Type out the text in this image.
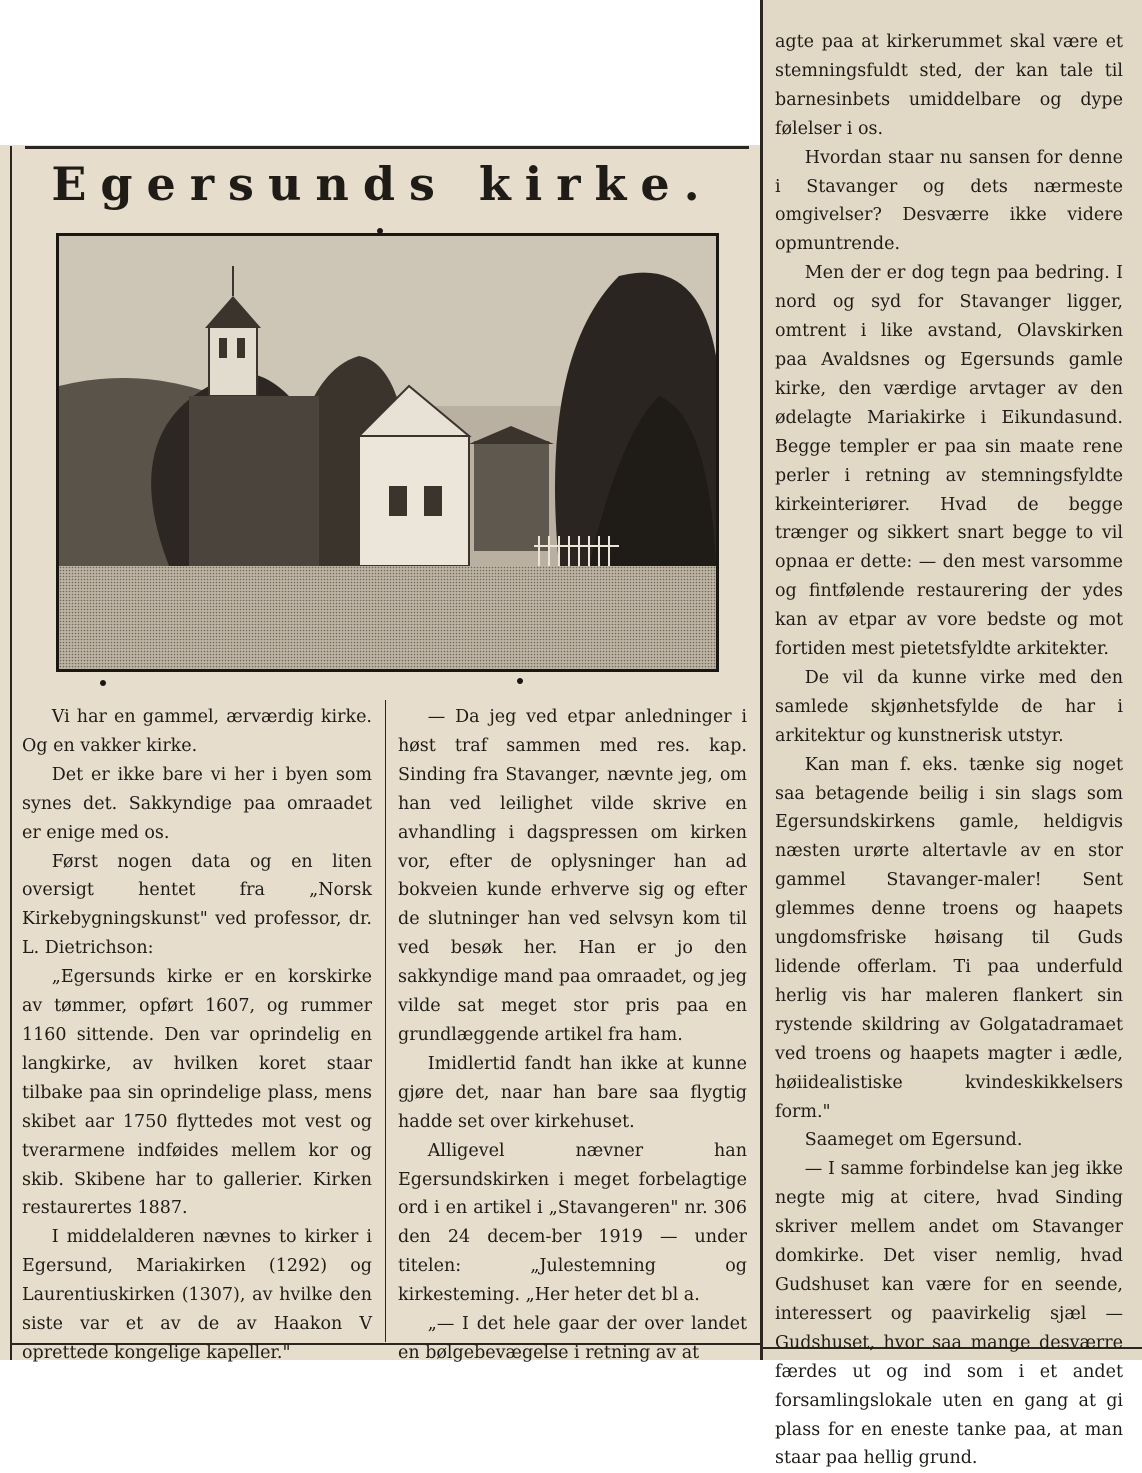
Egersunds kirke.

Vi har en gammel, ærværdig kirke. Og en vakker kirke.

Det er ikke bare vi her i byen som synes det. Sakkyndige paa omraadet er enige med os.

Først nogen data og en liten oversigt hentet fra „Norsk Kirkebygningskunst" ved professor, dr. L. Dietrichson:

„Egersunds kirke er en korskirke av tømmer, opført 1607, og rummer 1160 sittende. Den var oprindelig en langkirke, av hvilken koret staar tilbake paa sin oprindelige plass, mens skibet aar 1750 flyttedes mot vest og tverarmene indføides mellem kor og skib. Skibene har to gallerier. Kirken restaurertes 1887.

I middelalderen nævnes to kirker i Egersund, Mariakirken (1292) og Laurentiuskirken (1307), av hvilke den siste var et av de av Haakon V oprettede kongelige kapeller."

— Da jeg ved etpar anledninger i høst traf sammen med res. kap. Sinding fra Stavanger, nævnte jeg, om han ved leilighet vilde skrive en avhandling i dagspressen om kirken vor, efter de oplysninger han ad bokveien kunde erhverve sig og efter de slutninger han ved selvsyn kom til ved besøk her. Han er jo den sakkyndige mand paa omraadet, og jeg vilde sat meget stor pris paa en grundlæggende artikel fra ham.

Imidlertid fandt han ikke at kunne gjøre det, naar han bare saa flygtig hadde set over kirkehuset.

Alligevel nævner han Egersundskirken i meget forbelagtige ord i en artikel i „Stavangeren" nr. 306 den 24 decem-ber 1919 — under titelen: „Julestemning og kirkesteming. „Her heter det bl a.

„— I det hele gaar der over landet en bølgebevægelse i retning av at

agte paa at kirkerummet skal være et stemningsfuldt sted, der kan tale til barnesinbets umiddelbare og dype følelser i os.

Hvordan staar nu sansen for denne i Stavanger og dets nærmeste omgivelser? Desværre ikke videre opmuntrende.

Men der er dog tegn paa bedring. I nord og syd for Stavanger ligger, omtrent i like avstand, Olavskirken paa Avaldsnes og Egersunds gamle kirke, den værdige arvtager av den ødelagte Mariakirke i Eikundasund. Begge templer er paa sin maate rene perler i retning av stemningsfyldte kirkeinteriører. Hvad de begge trænger og sikkert snart begge to vil opnaa er dette: — den mest varsomme og fintfølende restaurering der ydes kan av etpar av vore bedste og mot fortiden mest pietetsfyldte arkitekter.

De vil da kunne virke med den samlede skjønhetsfylde de har i arkitektur og kunstnerisk utstyr.

Kan man f. eks. tænke sig noget saa betagende beilig i sin slags som Egersundskirkens gamle, heldigvis næsten urørte altertavle av en stor gammel Stavanger-maler! Sent glemmes denne troens og haapets ungdomsfriske høisang til Guds lidende offerlam. Ti paa underfuld herlig vis har maleren flankert sin rystende skildring av Golgatadramaet ved troens og haapets magter i ædle, høiidealistiske kvindeskikkelsers form."

Saameget om Egersund.

— I samme forbindelse kan jeg ikke negte mig at citere, hvad Sinding skriver mellem andet om Stavanger domkirke. Det viser nemlig, hvad Gudshuset kan være for en seende, interessert og paavirkelig sjæl — Gudshuset, hvor saa mange desværre færdes ut og ind som i et andet forsamlingslokale uten en gang at gi plass for en eneste tanke paa, at man staar paa hellig grund.
